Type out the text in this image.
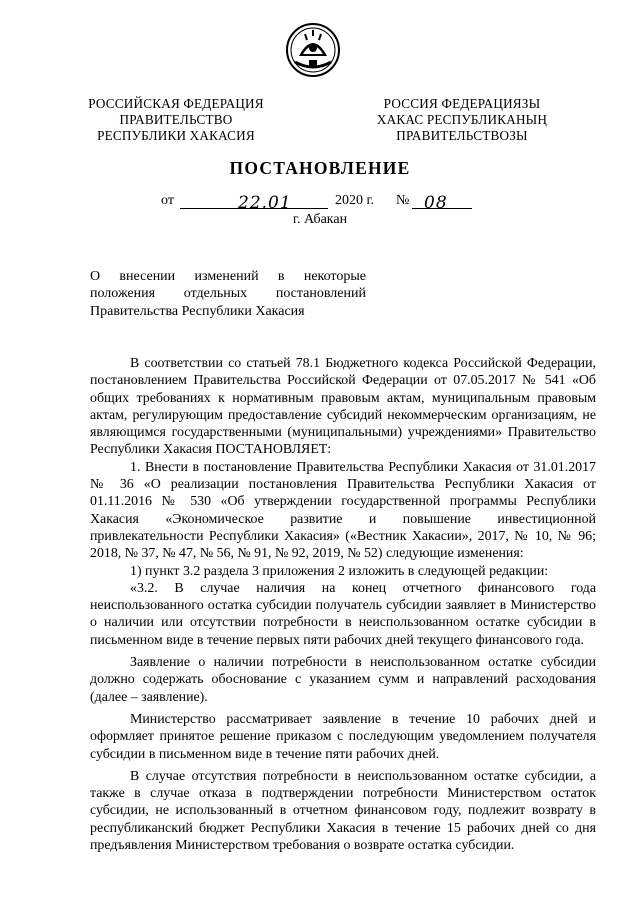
РОССИЙСКАЯ ФЕДЕРАЦИЯ
ПРАВИТЕЛЬСТВО
РЕСПУБЛИКИ ХАКАСИЯ
РОССИЯ ФЕДЕРАЦИЯЗЫ
ХАКАС РЕСПУБЛИКАНЫҢ
ПРАВИТЕЛЬСТВОЗЫ
ПОСТАНОВЛЕНИЕ
от	22.01	2020 г. № 08
г. Абакан
О внесении изменений в некоторые
положения отдельных постановлений
Правительства Республики Хакасия

В соответствии со статьей 78.1 Бюджетного кодекса Российской Федерации, постановлением Правительства Российской Федерации от 07.05.2017 № 541 «Об общих требованиях к нормативным правовым актам, муниципальным правовым актам, регулирующим предоставление субсидий некоммерческим организациям, не являющимся государственными (муниципальными) учреждениями» Правительство Республики Хакасия ПОСТАНОВЛЯЕТ:

1. Внести в постановление Правительства Республики Хакасия от 31.01.2017 № 36 «О реализации постановления Правительства Республики Хакасия от 01.11.2016 № 530 «Об утверждении государственной программы Республики Хакасия «Экономическое развитие и повышение инвестиционной привлекательности Республики Хакасия» («Вестник Хакасии», 2017, № 10, № 96; 2018, № 37, № 47, № 56, № 91, № 92, 2019, № 52) следующие изменения:

1) пункт 3.2 раздела 3 приложения 2 изложить в следующей редакции:

«3.2. В случае наличия на конец отчетного финансового года неиспользованного остатка субсидии получатель субсидии заявляет в Министерство о наличии или отсутствии потребности в неиспользованном остатке субсидии в письменном виде в течение первых пяти рабочих дней текущего финансового года.

Заявление о наличии потребности в неиспользованном остатке субсидии должно содержать обоснование с указанием сумм и направлений расходования (далее – заявление).

Министерство рассматривает заявление в течение 10 рабочих дней и оформляет принятое решение приказом с последующим уведомлением получателя субсидии в письменном виде в течение пяти рабочих дней.

В случае отсутствия потребности в неиспользованном остатке субсидии, а также в случае отказа в подтверждении потребности Министерством остаток субсидии, не использованный в отчетном финансовом году, подлежит возврату в республиканский бюджет Республики Хакасия в течение 15 рабочих дней со дня предъявления Министерством требования о возврате остатка субсидии.
